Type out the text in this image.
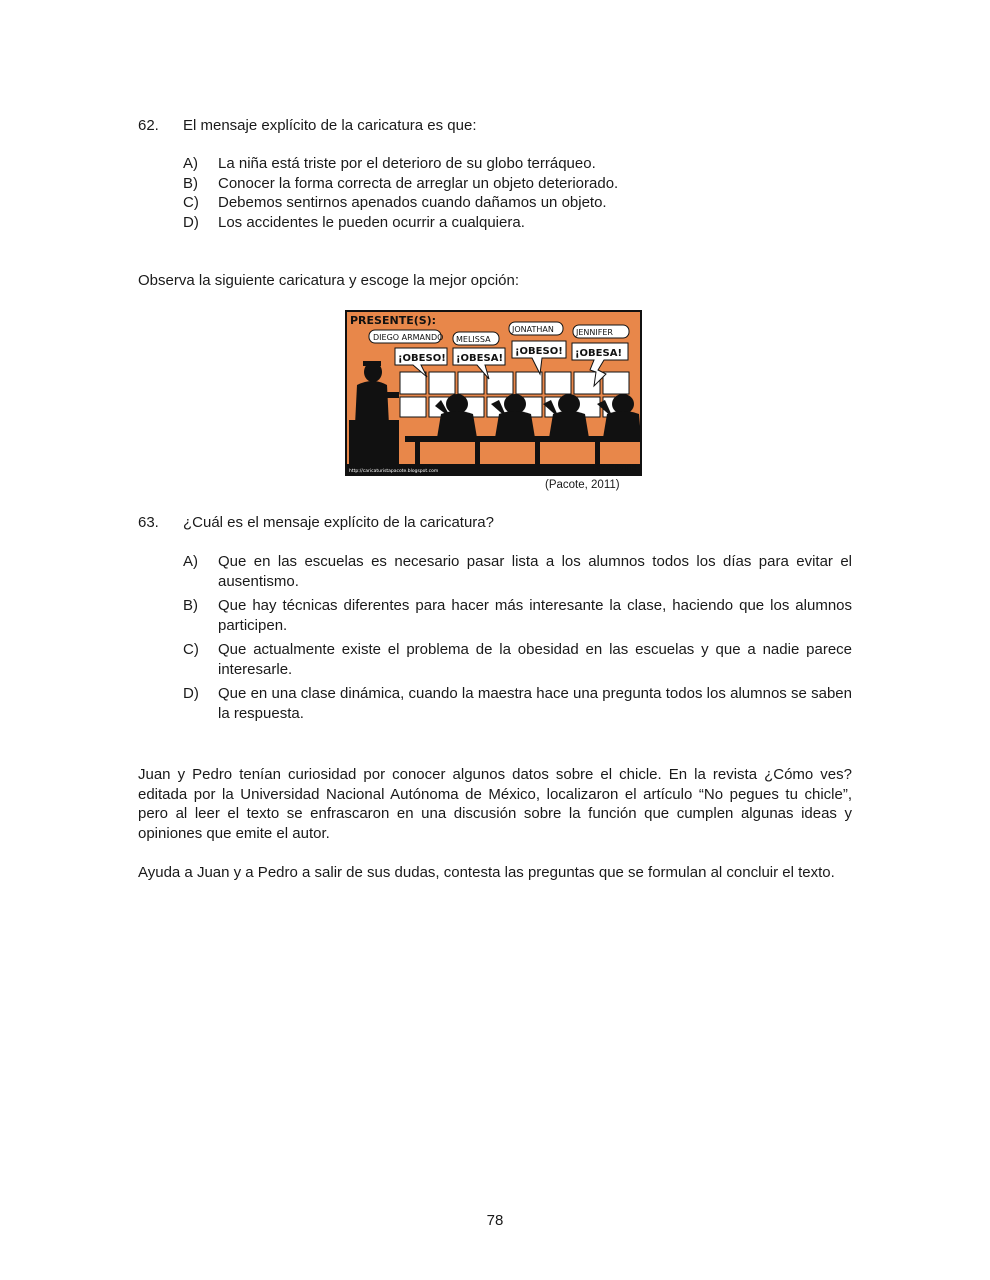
62. El mensaje explícito de la caricatura es que:
A) La niña está triste por el deterioro de su globo terráqueo.
B) Conocer la forma correcta de arreglar un objeto deteriorado.
C) Debemos sentirnos apenados cuando dañamos un objeto.
D) Los accidentes le pueden ocurrir a cualquiera.
Observa la siguiente caricatura y escoge la mejor opción:
PRESENTE(S):
DIEGO ARMANDO MELISSA
JONATHAN	JENNIFER
¡OBESO! ¡OBESA!
¡OBESO! ¡OBESA!
http://caricaturistapacote.blogspot.com	PACOTE
(Pacote, 2011)
63. ¿Cuál es el mensaje explícito de la caricatura?
A) Que en las escuelas es necesario pasar lista a los alumnos todos los días para evitar el ausentismo.
B) Que hay técnicas diferentes para hacer más interesante la clase, haciendo que los alumnos participen.
C) Que actualmente existe el problema de la obesidad en las escuelas y que a nadie parece interesarle.
D) Que en una clase dinámica, cuando la maestra hace una pregunta todos los alumnos se saben la respuesta.
Juan y Pedro tenían curiosidad por conocer algunos datos sobre el chicle. En la revista ¿Cómo ves? editada por la Universidad Nacional Autónoma de México, localizaron el artículo “No pegues tu chicle”, pero al leer el texto se enfrascaron en una discusión sobre la función que cumplen algunas ideas y opiniones que emite el autor.
Ayuda a Juan y a Pedro a salir de sus dudas, contesta las preguntas que se formulan al concluir el texto.
78
